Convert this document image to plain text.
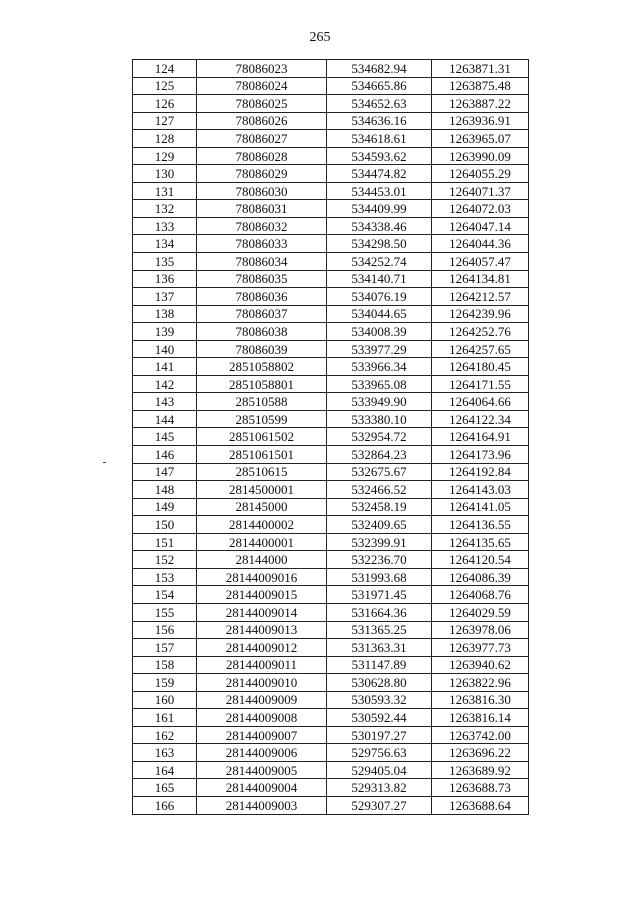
265
124	78086023	534682.94	1263871.31
125	78086024	534665.86	1263875.48
126	78086025	534652.63	1263887.22
127	78086026	534636.16	1263936.91
128	78086027	534618.61	1263965.07
129	78086028	534593.62	1263990.09
130	78086029	534474.82	1264055.29
131	78086030	534453.01	1264071.37
132	78086031	534409.99	1264072.03
133	78086032	534338.46	1264047.14
134	78086033	534298.50	1264044.36
135	78086034	534252.74	1264057.47
136	78086035	534140.71	1264134.81
137	78086036	534076.19	1264212.57
138	78086037	534044.65	1264239.96
139	78086038	534008.39	1264252.76
140	78086039	533977.29	1264257.65
141	2851058802	533966.34	1264180.45
142	2851058801	533965.08	1264171.55
143	28510588	533949.90	1264064.66
144	28510599	533380.10	1264122.34
145	2851061502	532954.72	1264164.91
146	2851061501	532864.23	1264173.96
147	28510615	532675.67	1264192.84
148	2814500001	532466.52	1264143.03
149	28145000	532458.19	1264141.05
150	2814400002	532409.65	1264136.55
151	2814400001	532399.91	1264135.65
152	28144000	532236.70	1264120.54
153	28144009016	531993.68	1264086.39
154	28144009015	531971.45	1264068.76
155	28144009014	531664.36	1264029.59
156	28144009013	531365.25	1263978.06
157	28144009012	531363.31	1263977.73
158	28144009011	531147.89	1263940.62
159	28144009010	530628.80	1263822.96
160	28144009009	530593.32	1263816.30
161	28144009008	530592.44	1263816.14
162	28144009007	530197.27	1263742.00
163	28144009006	529756.63	1263696.22
164	28144009005	529405.04	1263689.92
165	28144009004	529313.82	1263688.73
166	28144009003	529307.27	1263688.64
